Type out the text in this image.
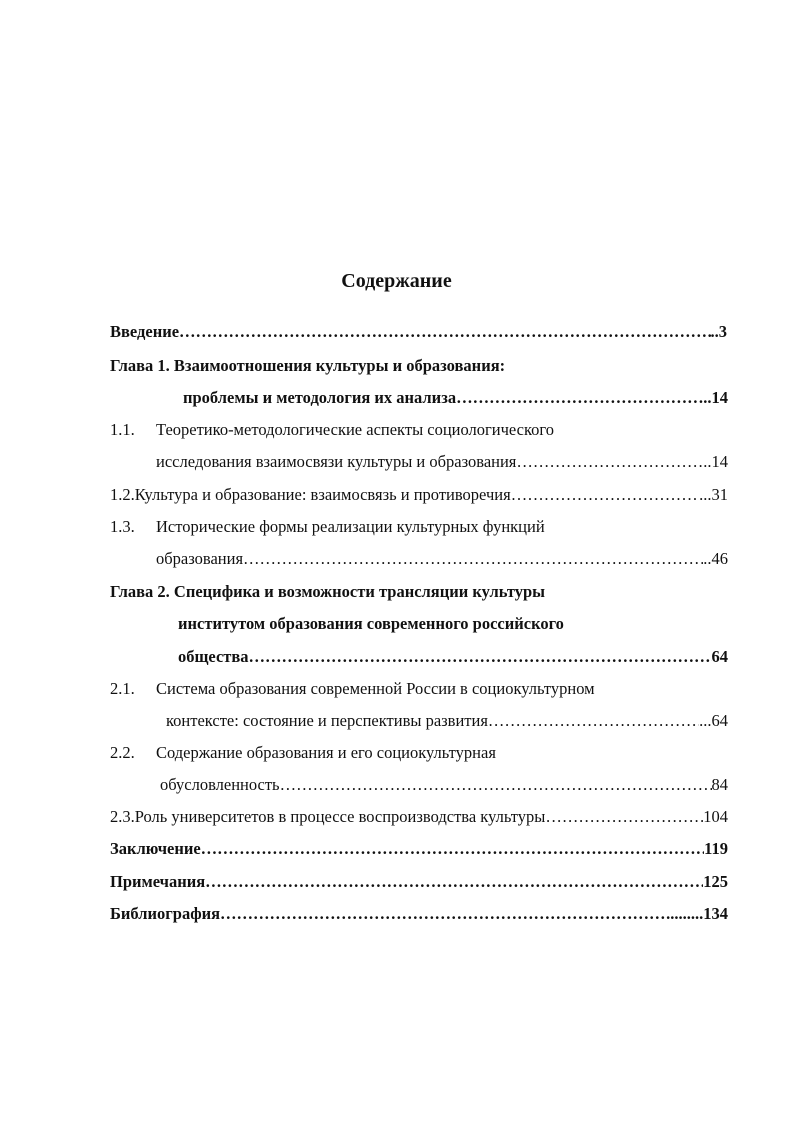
Содержание
Введение …………………………………………………………………………………………………………………………………………………………………………………………………………	.. 3
Глава 1. Взаимоотношения культуры и образования:
проблемы и методология их анализа …………………………………………………………………………………………………………………………………………………………………………………………………………	.. 14
1.1. Теоретико-методологические аспекты социологического
исследования взаимосвязи культуры и образования …………………………………………………………………………………………………………………………………………………………………………………………………………	.. 14
1.2. Культура и образование: взаимосвязь и противоречия …………………………………………………………………………………………………………………………………………………………………………………………………………	... 31
1.3. Исторические формы реализации культурных функций
образования …………………………………………………………………………………………………………………………………………………………………………………………………………	.. 46
Глава 2. Специфика и возможности трансляции культуры
институтом образования современного российского
общества …………………………………………………………………………………………………………………………………………………………………………………………………………	64
2.1. Система образования современной России в социокультурном
контексте: состояние и перспективы развития …………………………………………………………………………………………………………………………………………………………………………………………………………	... 64
2.2. Содержание образования и его социокультурная
обусловленность …………………………………………………………………………………………………………………………………………………………………………………………………………	84
2.3. Роль университетов в процессе воспроизводства культуры …………………………………………………………………………………………………………………………………………………………………………………………………………	104
Заключение …………………………………………………………………………………………………………………………………………………………………………………………………………	119
Примечания …………………………………………………………………………………………………………………………………………………………………………………………………………	125
Библиография …………………………………………………………………………………………………………………………………………………………………………………………………………	......... 134
